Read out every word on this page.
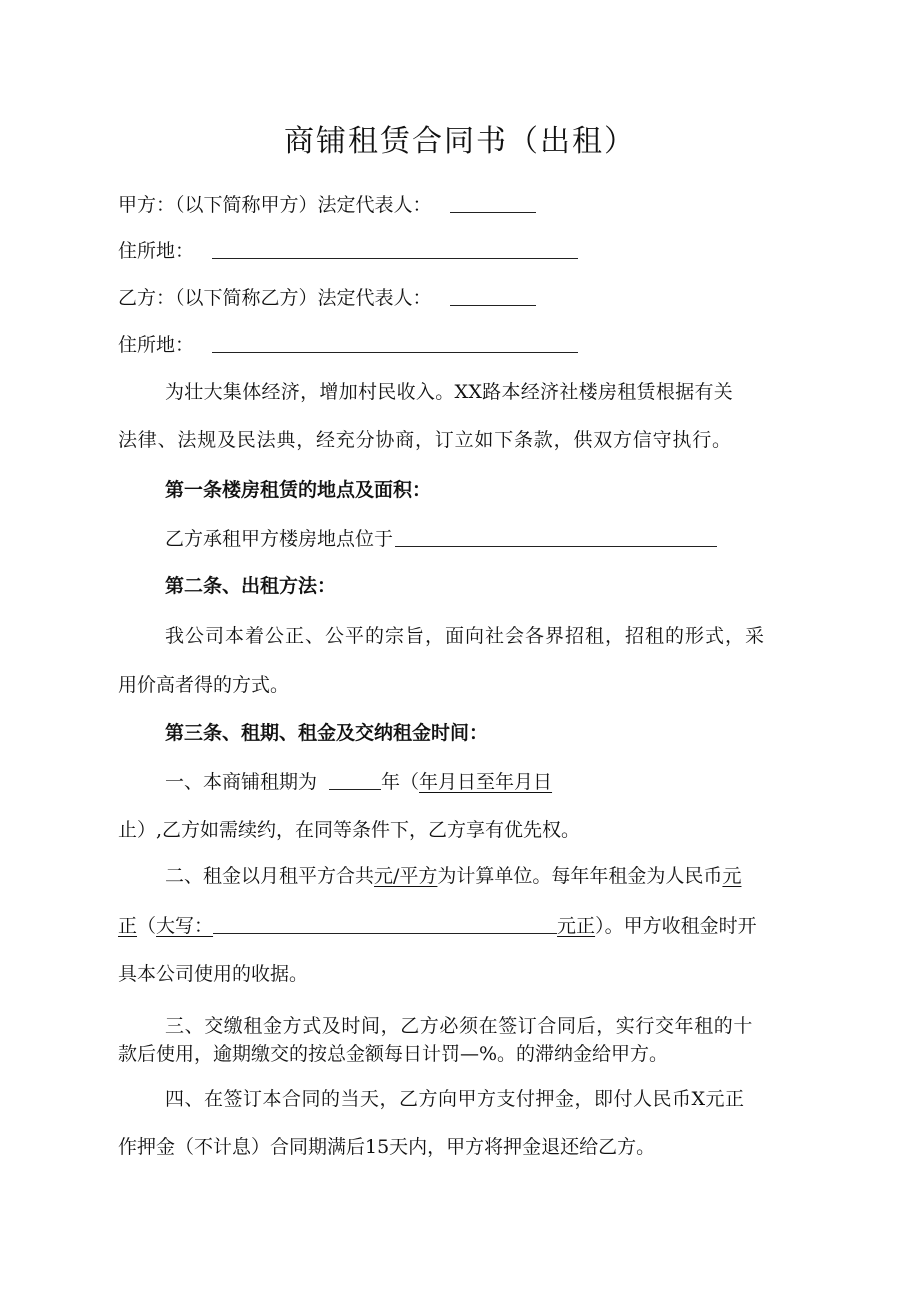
商铺租赁合同书（出租）
甲方：（以下简称甲方）法定代表人：
住所地：
乙方：（以下简称乙方）法定代表人：
住所地：
为壮大集体经济，增加村民收入。XX路本经济社楼房租赁根据有关
法律、法规及民法典，经充分协商，订立如下条款，供双方信守执行。
第一条楼房租赁的地点及面积：
乙方承租甲方楼房地点位于
第二条、出租方法：
我公司本着公正、公平的宗旨，面向社会各界招租，招租的形式，采
用价高者得的方式。
第三条、租期、租金及交纳租金时间：
一、本商铺租期为	年（年月日至年月日
止）,乙方如需续约，在同等条件下，乙方享有优先权。
二、租金以月租平方合共元/平方为计算单位。每年年租金为人民币元
正（大写：	元正）。甲方收租金时开
具本公司使用的收据。
三、交缴租金方式及时间，乙方必须在签订合同后，实行交年租的十
款后使用，逾期缴交的按总金额每日计罚—%。的滞纳金给甲方。
四、在签订本合同的当天，乙方向甲方支付押金，即付人民币X元正
作押金（不计息）合同期满后15天内，甲方将押金退还给乙方。
